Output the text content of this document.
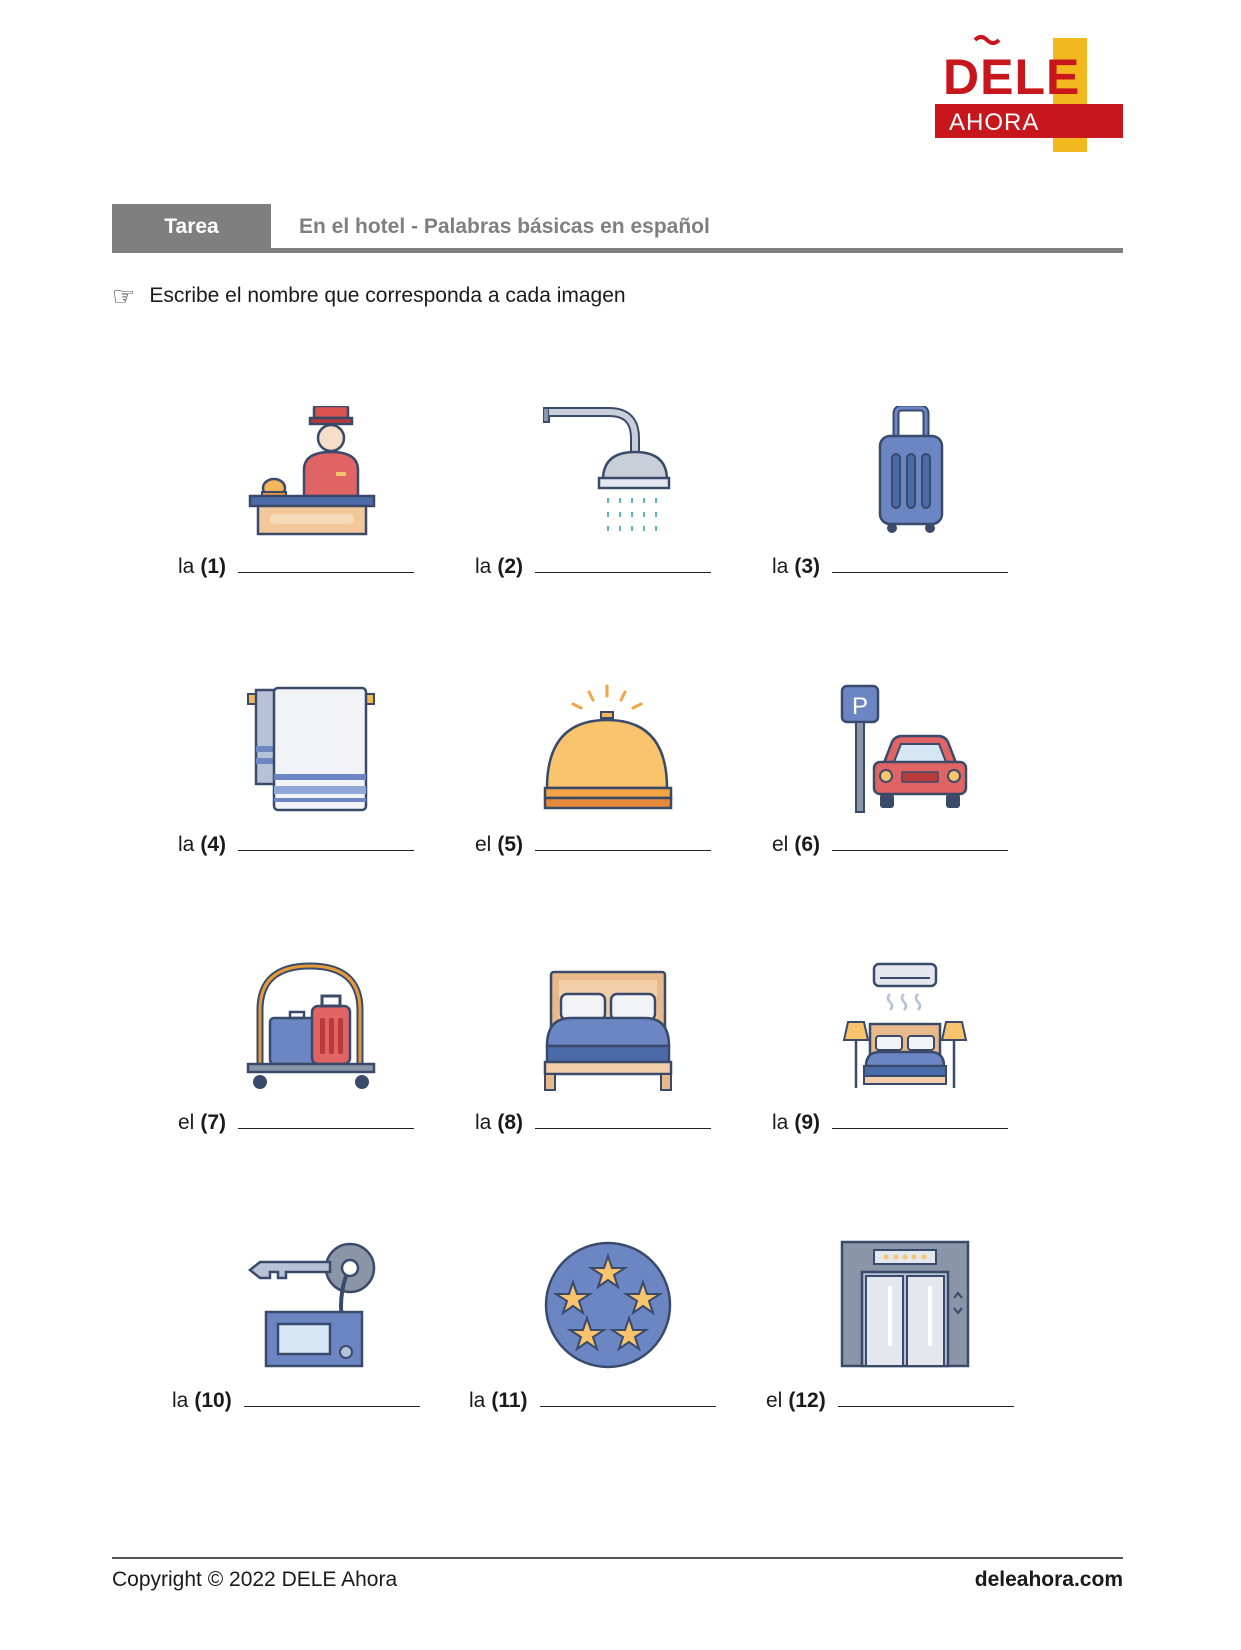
DELE
AHORA
Tarea	En el hotel - Palabras básicas en español
☞ Escribe el nombre que corresponda a cada imagen
la (1)	la (2)	la (3)
la (4)	el (5)
P
el (6)
el (7)	la (8)	la (9)
la (10)	la (11)	el (12)
Copyright © 2022 DELE Ahora	deleahora.com
